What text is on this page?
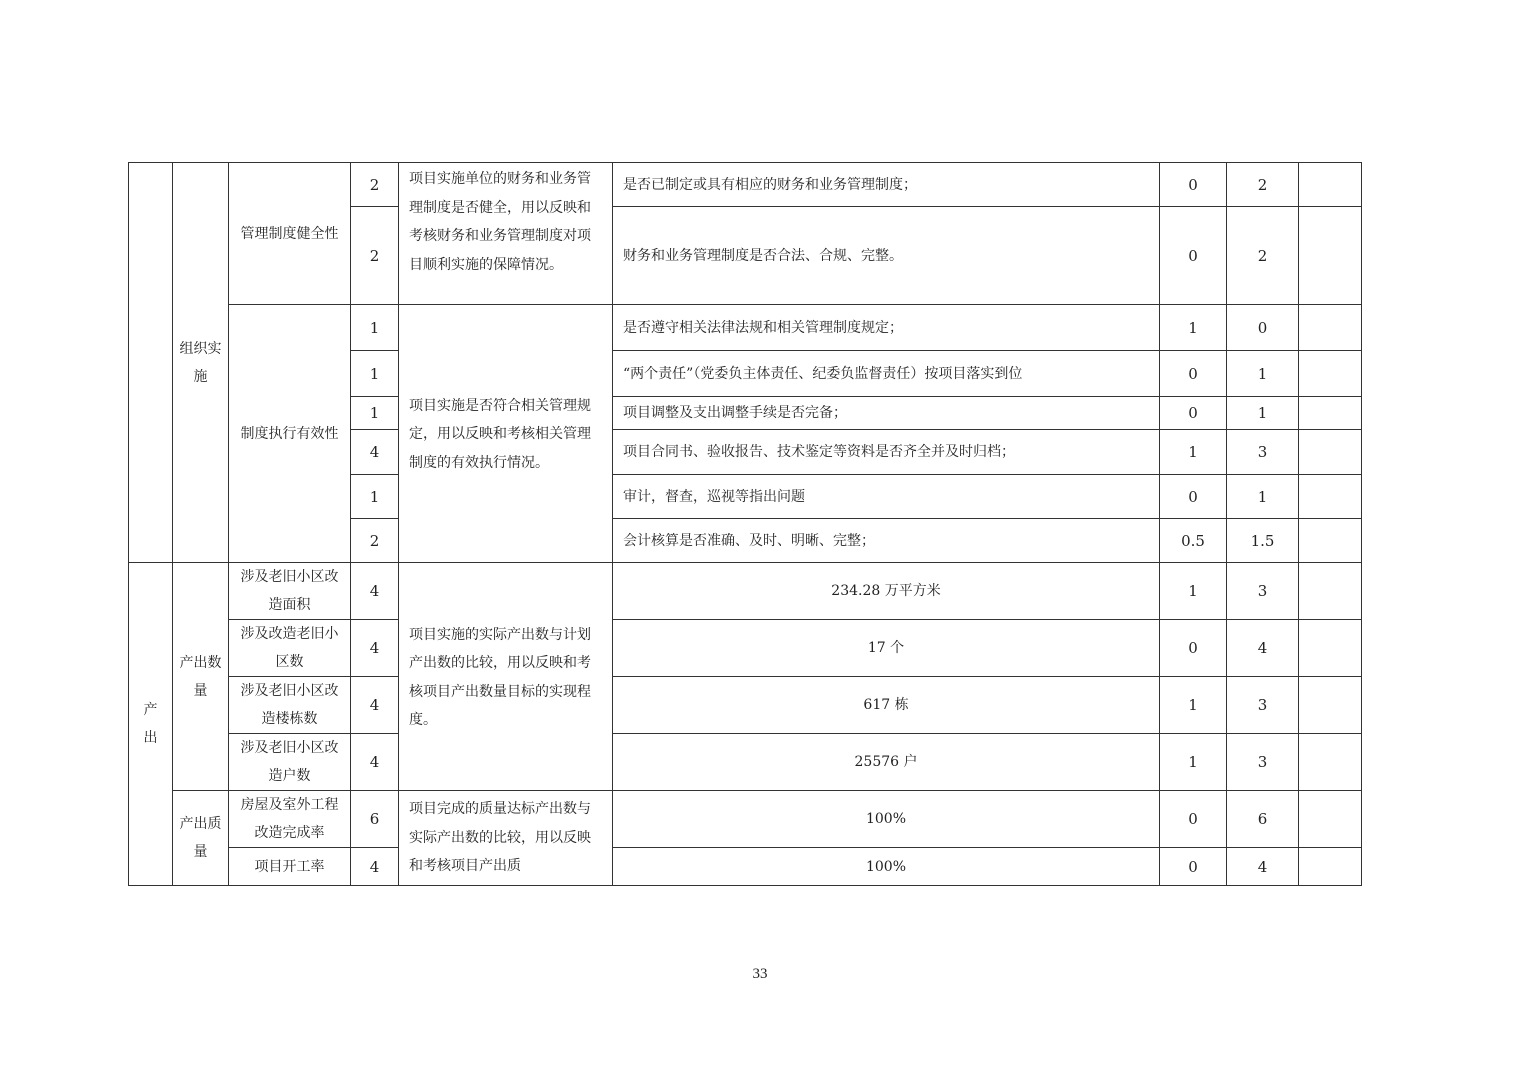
	组织实施	管理制度健全性	2	项目实施单位的财务和业务管理制度是否健全，用以反映和考核财务和业务管理制度对项目顺利实施的保障情况。	是否已制定或具有相应的财务和业务管理制度；	0	2	
			2		财务和业务管理制度是否合法、合规、完整。	0	2	
		制度执行有效性	1	项目实施是否符合相关管理规定，用以反映和考核相关管理制度的有效执行情况。	是否遵守相关法律法规和相关管理制度规定；	1	0	
			1		“两个责任”（党委负主体责任、纪委负监督责任）按项目落实到位	0	1	
			1		项目调整及支出调整手续是否完备；	0	1	
			4		项目合同书、验收报告、技术鉴定等资料是否齐全并及时归档；	1	3	
			1		审计，督查，巡视等指出问题	0	1	
			2		会计核算是否准确、及时、明晰、完整；	0.5	1.5	
产出	产出数量	涉及老旧小区改造面积	4	项目实施的实际产出数与计划产出数的比较，用以反映和考核项目产出数量目标的实现程度。	234.28 万平方米	1	3	
		涉及改造老旧小区数	4		17 个	0	4	
		涉及老旧小区改造楼栋数	4		617 栋	1	3	
		涉及老旧小区改造户数	4		25576 户	1	3	
	产出质量	房屋及室外工程改造完成率	6	项目完成的质量达标产出数与实际产出数的比较，用以反映和考核项目产出质	100%	0	6	
		项目开工率	4		100%	0	4	
33
